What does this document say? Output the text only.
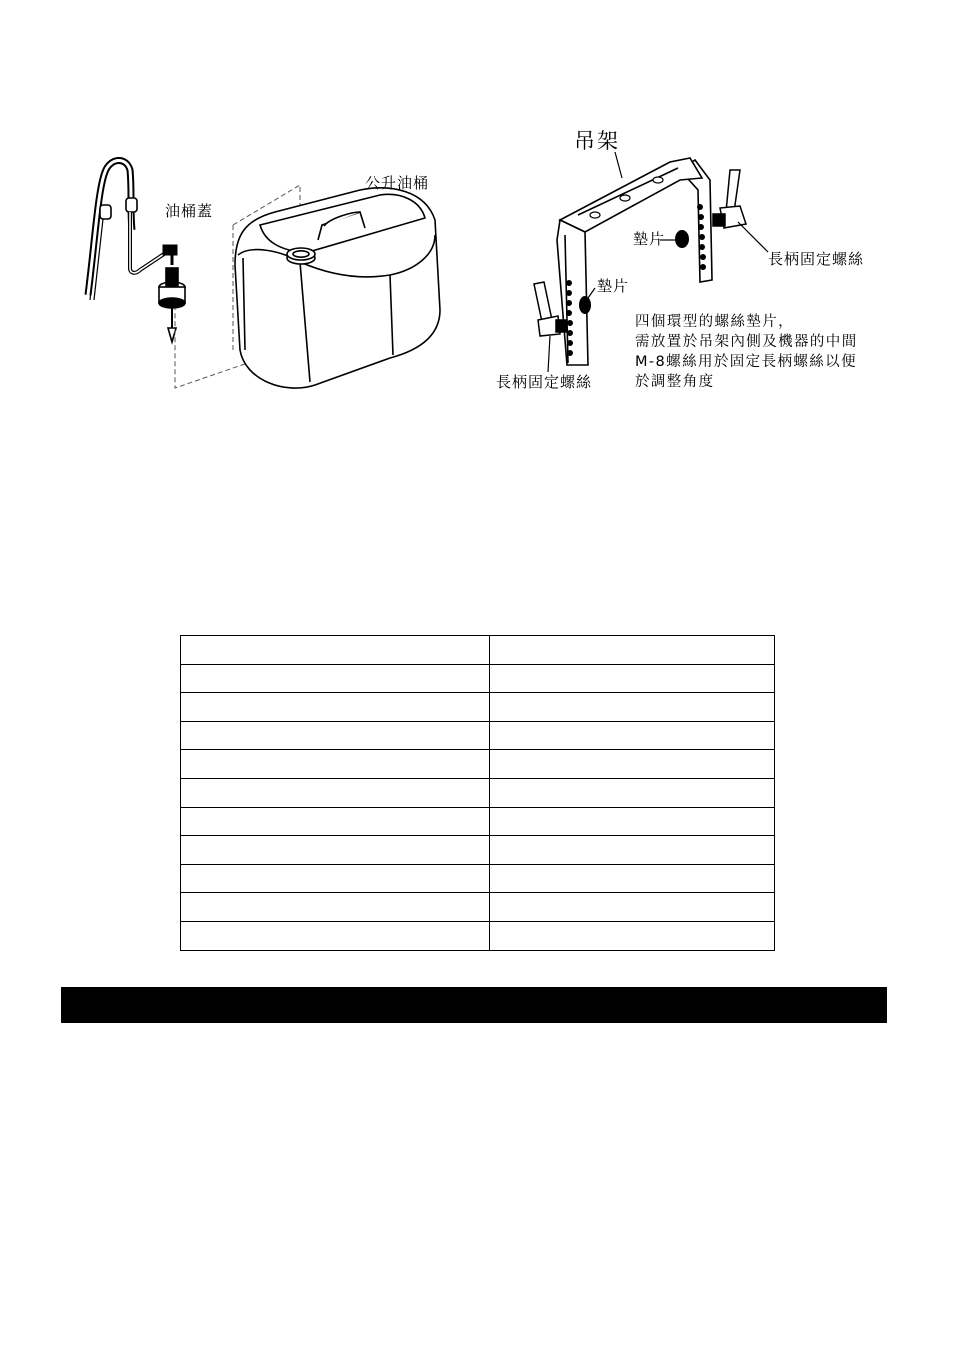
油桶蓋
公升油桶
吊架
墊片
墊片
長柄固定螺絲
長柄固定螺絲
四個環型的螺絲墊片，
需放置於吊架內側及機器的中間
M-8螺絲用於固定長柄螺絲以便
於調整角度
